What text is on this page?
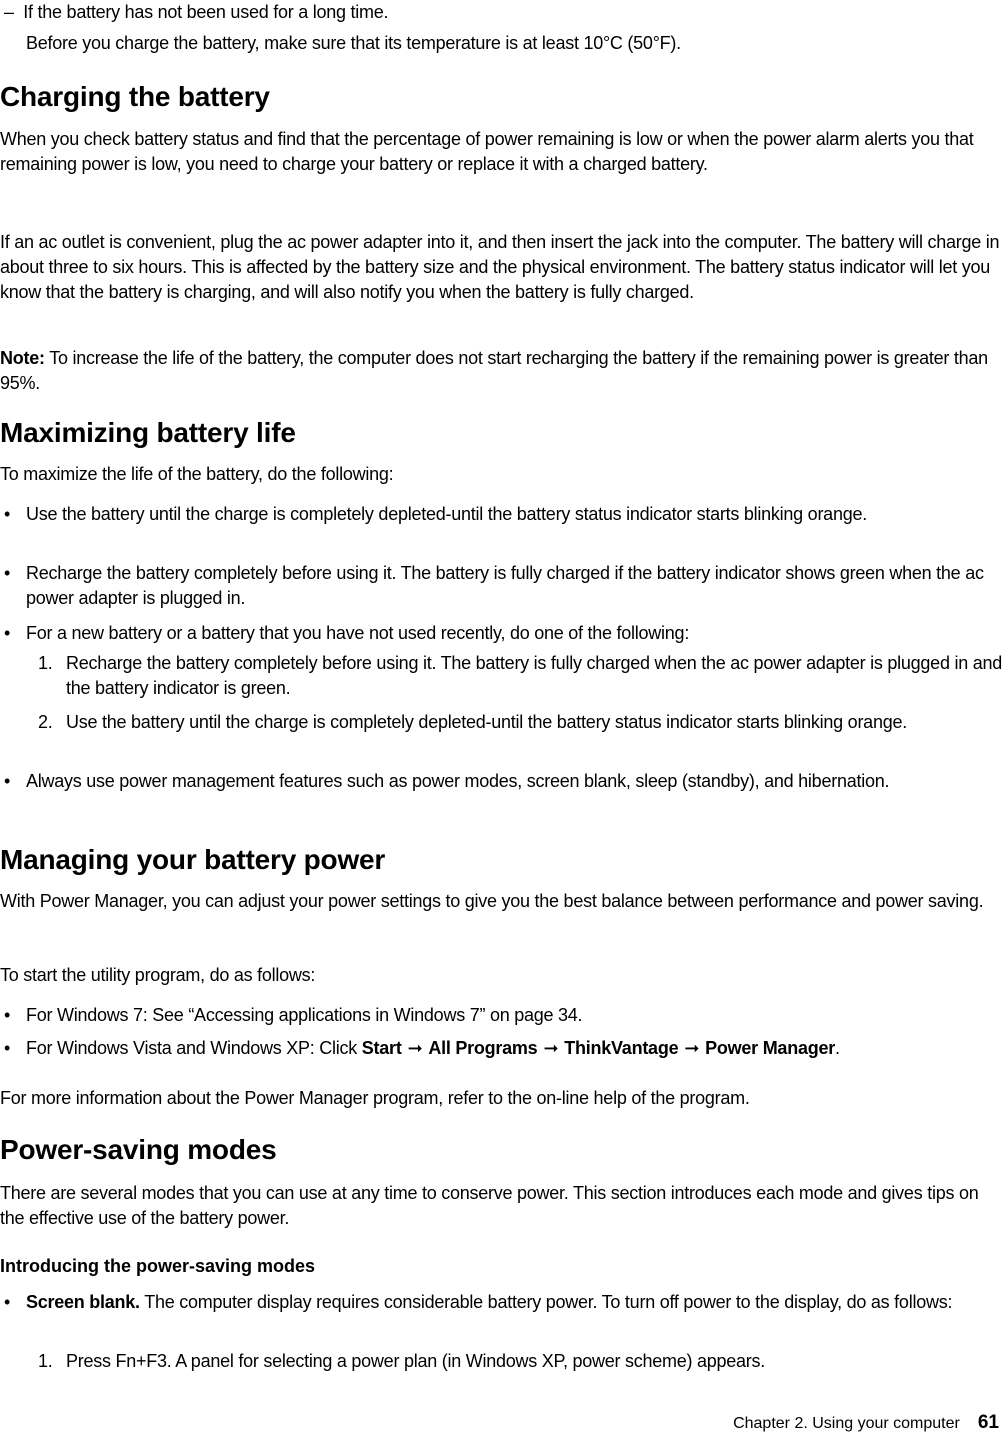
– If the battery has not been used for a long time.

Before you charge the battery, make sure that its temperature is at least 10°C (50°F).

Charging the battery

When you check battery status and find that the percentage of power remaining is low or when the power alarm alerts you that remaining power is low, you need to charge your battery or replace it with a charged battery.

If an ac outlet is convenient, plug the ac power adapter into it, and then insert the jack into the computer. The battery will charge in about three to six hours. This is affected by the battery size and the physical environment. The battery status indicator will let you know that the battery is charging, and will also notify you when the battery is fully charged.

Note: To increase the life of the battery, the computer does not start recharging the battery if the remaining power is greater than 95%.

Maximizing battery life

To maximize the life of the battery, do the following:

• Use the battery until the charge is completely depleted-until the battery status indicator starts blinking orange.

• Recharge the battery completely before using it. The battery is fully charged if the battery indicator shows green when the ac power adapter is plugged in.

• For a new battery or a battery that you have not used recently, do one of the following:

1. Recharge the battery completely before using it. The battery is fully charged when the ac power adapter is plugged in and the battery indicator is green.

2. Use the battery until the charge is completely depleted-until the battery status indicator starts blinking orange.

• Always use power management features such as power modes, screen blank, sleep (standby), and hibernation.

Managing your battery power

With Power Manager, you can adjust your power settings to give you the best balance between performance and power saving.

To start the utility program, do as follows:

• For Windows 7: See “Accessing applications in Windows 7” on page 34.

• For Windows Vista and Windows XP: Click Start ➞ All Programs ➞ ThinkVantage ➞ Power Manager.

For more information about the Power Manager program, refer to the on-line help of the program.

Power-saving modes

There are several modes that you can use at any time to conserve power. This section introduces each mode and gives tips on the effective use of the battery power.

Introducing the power-saving modes
• Screen blank. The computer display requires considerable battery power. To turn off power to the display, do as follows:

1. Press Fn+F3. A panel for selecting a power plan (in Windows XP, power scheme) appears.

Chapter 2. Using your computer 61
